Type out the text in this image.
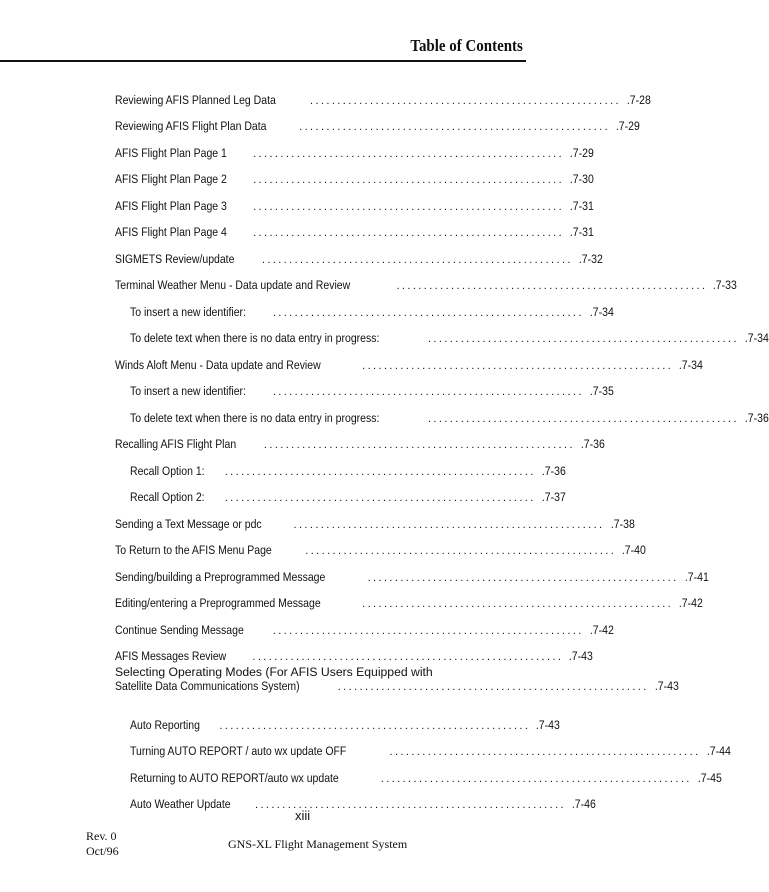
Table of Contents
Reviewing AFIS Planned Leg Data	......................................................... .7-28
Reviewing AFIS Flight Plan Data	......................................................... .7-29
AFIS Flight Plan Page 1 ......................................................... .7-29
AFIS Flight Plan Page 2 ......................................................... .7-30
AFIS Flight Plan Page 3 ......................................................... .7-31
AFIS Flight Plan Page 4 ......................................................... .7-31
SIGMETS Review/update ......................................................... .7-32
Terminal Weather Menu - Data update and Review	......................................................... .7-33
To insert a new identifier: ......................................................... .7-34
To delete text when there is no data entry in progress:	......................................................... .7-34
Winds Aloft Menu - Data update and Review	......................................................... .7-34
To insert a new identifier: ......................................................... .7-35
To delete text when there is no data entry in progress:	......................................................... .7-36
Recalling AFIS Flight Plan	......................................................... .7-36
Recall Option 1: ......................................................... .7-36
Recall Option 2: ......................................................... .7-37
Sending a Text Message or pdc	......................................................... .7-38
To Return to the AFIS Menu Page	......................................................... .7-40
Sending/building a Preprogrammed Message	......................................................... .7-41
Editing/entering a Preprogrammed Message	......................................................... .7-42
Continue Sending Message	......................................................... .7-42
AFIS Messages Review ......................................................... .7-43
Selecting Operating Modes (For AFIS Users Equipped with
Satellite Data Communications System)	......................................................... .7-43
Auto Reporting ......................................................... .7-43
Turning AUTO REPORT / auto wx update OFF	......................................................... .7-44
Returning to AUTO REPORT/auto wx update	......................................................... .7-45
Auto Weather Update ......................................................... .7-46
xiii
Rev. 0
Oct/96	GNS-XL Flight Management System
